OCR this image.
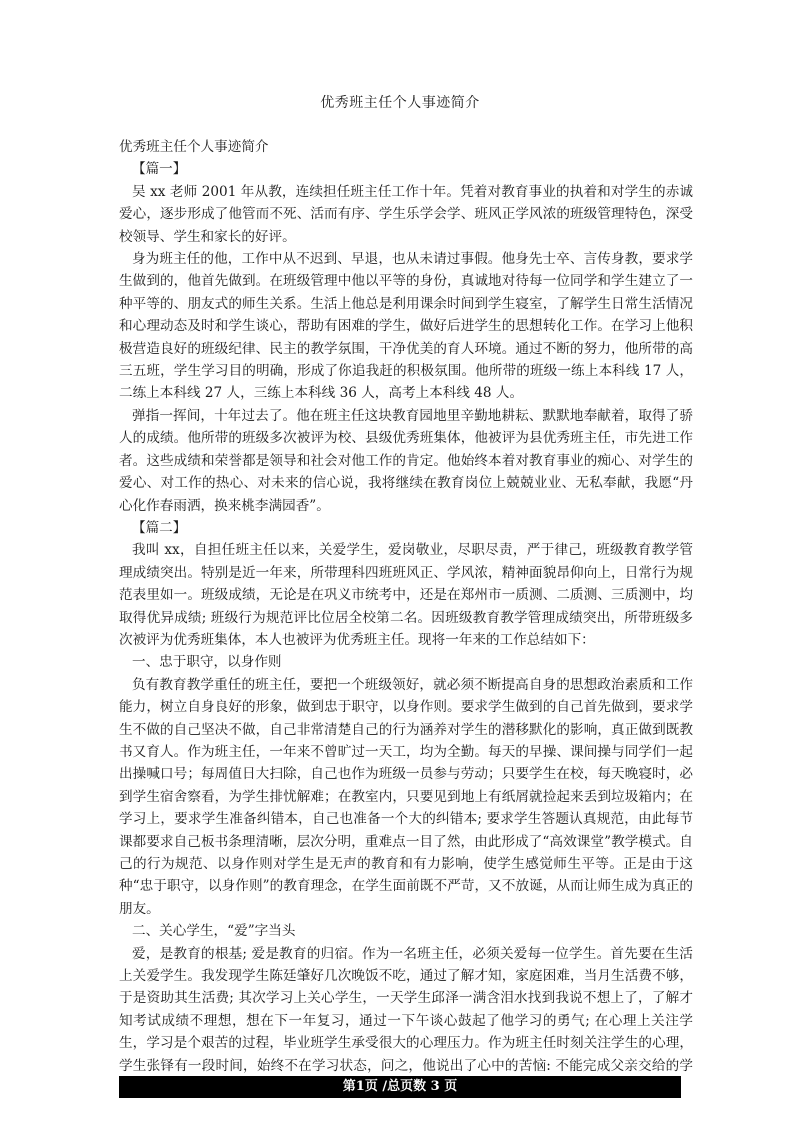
优秀班主任个人事迹简介

优秀班主任个人事迹简介

【篇一】

吴 xx 老师 2001 年从教，连续担任班主任工作十年。凭着对教育事业的执着和对学生的赤诚爱心，逐步形成了他管而不死、活而有序、学生乐学会学、班风正学风浓的班级管理特色，深受校领导、学生和家长的好评。

身为班主任的他，工作中从不迟到、早退，也从未请过事假。他身先士卒、言传身教，要求学生做到的，他首先做到。在班级管理中他以平等的身份，真诚地对待每一位同学和学生建立了一种平等的、朋友式的师生关系。生活上他总是利用课余时间到学生寝室，了解学生日常生活情况和心理动态及时和学生谈心，帮助有困难的学生，做好后进学生的思想转化工作。在学习上他积极营造良好的班级纪律、民主的教学氛围，干净优美的育人环境。通过不断的努力，他所带的高三五班，学生学习目的明确，形成了你追我赶的积极氛围。他所带的班级一练上本科线 17 人，二练上本科线 27 人，三练上本科线 36 人，高考上本科线 48 人。

弹指一挥间，十年过去了。他在班主任这块教育园地里辛勤地耕耘、默默地奉献着，取得了骄人的成绩。他所带的班级多次被评为校、县级优秀班集体，他被评为县优秀班主任，市先进工作者。这些成绩和荣誉都是领导和社会对他工作的肯定。他始终本着对教育事业的痴心、对学生的爱心、对工作的热心、对未来的信心说，我将继续在教育岗位上兢兢业业、无私奉献，我愿“丹心化作春雨洒，换来桃李满园香”。

【篇二】

我叫 xx，自担任班主任以来，关爱学生，爱岗敬业，尽职尽责，严于律己，班级教育教学管理成绩突出。特别是近一年来，所带理科四班班风正、学风浓，精神面貌昂仰向上，日常行为规范表里如一。班级成绩，无论是在巩义市统考中，还是在郑州市一质测、二质测、三质测中，均取得优异成绩; 班级行为规范评比位居全校第二名。因班级教育教学管理成绩突出，所带班级多次被评为优秀班集体，本人也被评为优秀班主任。现将一年来的工作总结如下：

一、忠于职守，以身作则

负有教育教学重任的班主任，要把一个班级领好，就必须不断提高自身的思想政治素质和工作能力，树立自身良好的形象，做到忠于职守，以身作则。要求学生做到的自己首先做到，要求学生不做的自己坚决不做，自己非常清楚自己的行为涵养对学生的潜移默化的影响，真正做到既教书又育人。作为班主任，一年来不曾旷过一天工，均为全勤。每天的早操、课间操与同学们一起出操喊口号；每周值日大扫除，自己也作为班级一员参与劳动；只要学生在校，每天晚寝时，必到学生宿舍察看，为学生排忧解难；在教室内，只要见到地上有纸屑就捡起来丢到垃圾箱内；在学习上，要求学生准备纠错本，自己也准备一个大的纠错本; 要求学生答题认真规范，由此每节课都要求自己板书条理清晰，层次分明，重难点一目了然，由此形成了“高效课堂”教学模式。自己的行为规范、以身作则对学生是无声的教育和有力影响，使学生感觉师生平等。正是由于这种“忠于职守，以身作则”的教育理念，在学生面前既不严苛，又不放诞，从而让师生成为真正的朋友。

二、关心学生，“爱”字当头

爱，是教育的根基; 爱是教育的归宿。作为一名班主任，必须关爱每一位学生。首先要在生活上关爱学生。我发现学生陈廷肇好几次晚饭不吃，通过了解才知，家庭困难，当月生活费不够，于是资助其生活费; 其次学习上关心学生，一天学生邱泽一满含泪水找到我说不想上了，了解才知考试成绩不理想，想在下一年复习，通过一下午谈心鼓起了他学习的勇气; 在心理上关注学生，学习是个艰苦的过程，毕业班学生承受很大的心理压力。作为班主任时刻关注学生的心理，学生张铎有一段时间，始终不在学习状态，问之，他说出了心中的苦恼: 不能完成父亲交给的学

第1页 /总页数 3 页
